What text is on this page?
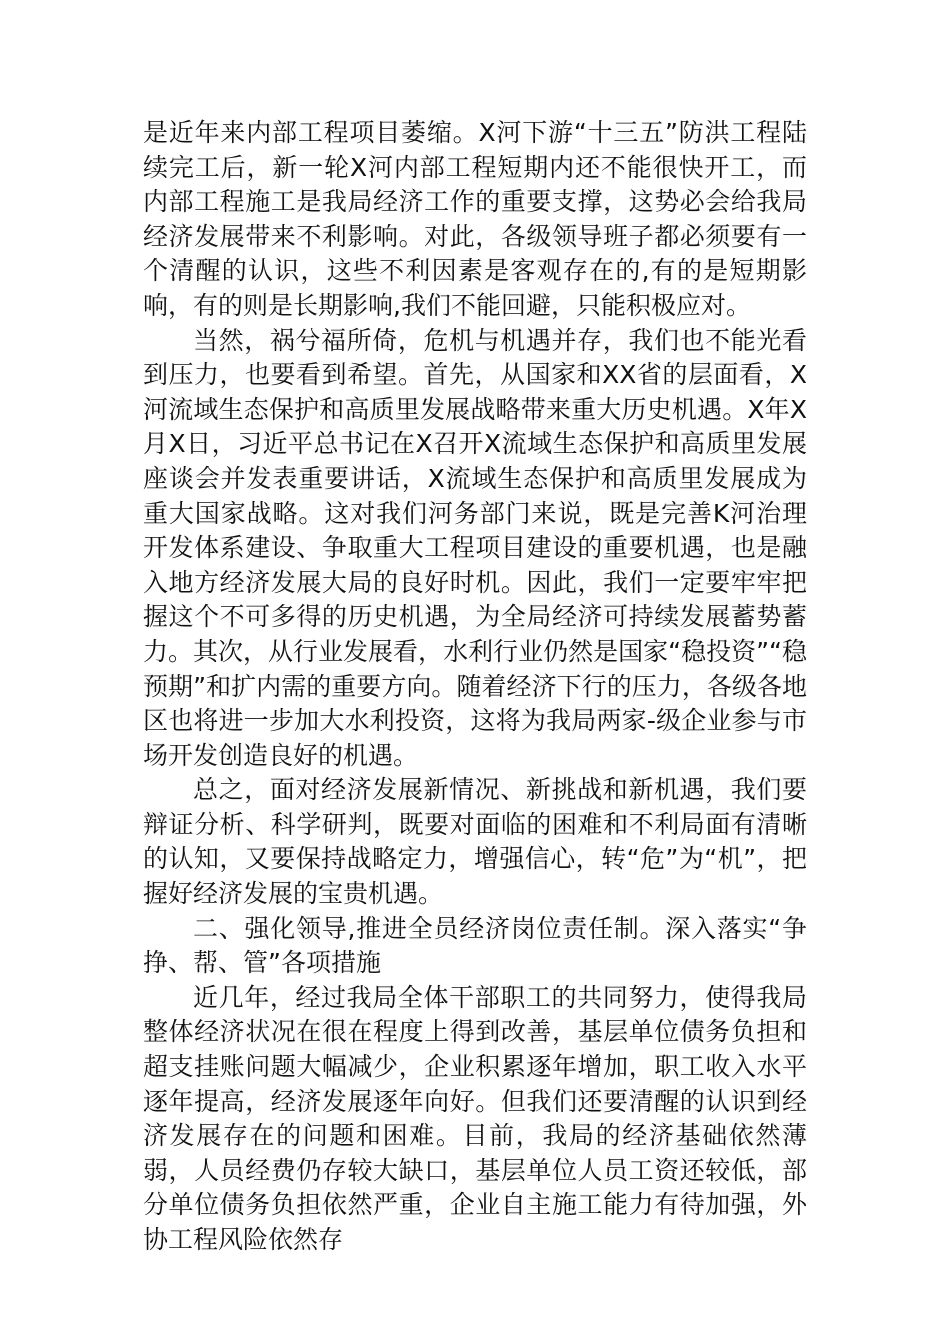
是近年来内部工程项目萎缩。X河下游“十三五”防洪工程陆续完工后，新一轮X河内部工程短期内还不能很快开工，而内部工程施工是我局经济工作的重要支撑，这势必会给我局经济发展带来不利影响。对此，各级领导班子都必须要有一个清醒的认识，这些不利因素是客观存在的,有的是短期影响，有的则是长期影响,我们不能回避，只能积极应对。

当然，祸兮福所倚，危机与机遇并存，我们也不能光看到压力，也要看到希望。首先，从国家和XX省的层面看，X河流域生态保护和高质里发展战略带来重大历史机遇。X年X月X日，习近平总书记在X召开X流域生态保护和高质里发展座谈会并发表重要讲话，X流域生态保护和高质里发展成为重大国家战略。这对我们河务部门来说，既是完善K河治理开发体系建设、争取重大工程项目建设的重要机遇，也是融入地方经济发展大局的良好时机。因此，我们一定要牢牢把握这个不可多得的历史机遇，为全局经济可持续发展蓄势蓄力。其次，从行业发展看，水利行业仍然是国家“稳投资”“稳预期”和扩内需的重要方向。随着经济下行的压力，各级各地区也将进一步加大水利投资，这将为我局两家-级企业参与市场开发创造良好的机遇。

总之，面对经济发展新情况、新挑战和新机遇，我们要辩证分析、科学研判，既要对面临的困难和不利局面有清晰的认知，又要保持战略定力，增强信心，转“危”为“机”，把握好经济发展的宝贵机遇。

二、强化领导,推进全员经济岗位责任制。深入落实“争挣、帮、管”各项措施

近几年，经过我局全体干部职工的共同努力，使得我局整体经济状况在很在程度上得到改善，基层单位债务负担和超支挂账问题大幅减少，企业积累逐年增加，职工收入水平逐年提高，经济发展逐年向好。但我们还要清醒的认识到经济发展存在的问题和困难。目前，我局的经济基础依然薄弱，人员经费仍存较大缺口，基层单位人员工资还较低，部分单位债务负担依然严重，企业自主施工能力有待加强，外协工程风险依然存
